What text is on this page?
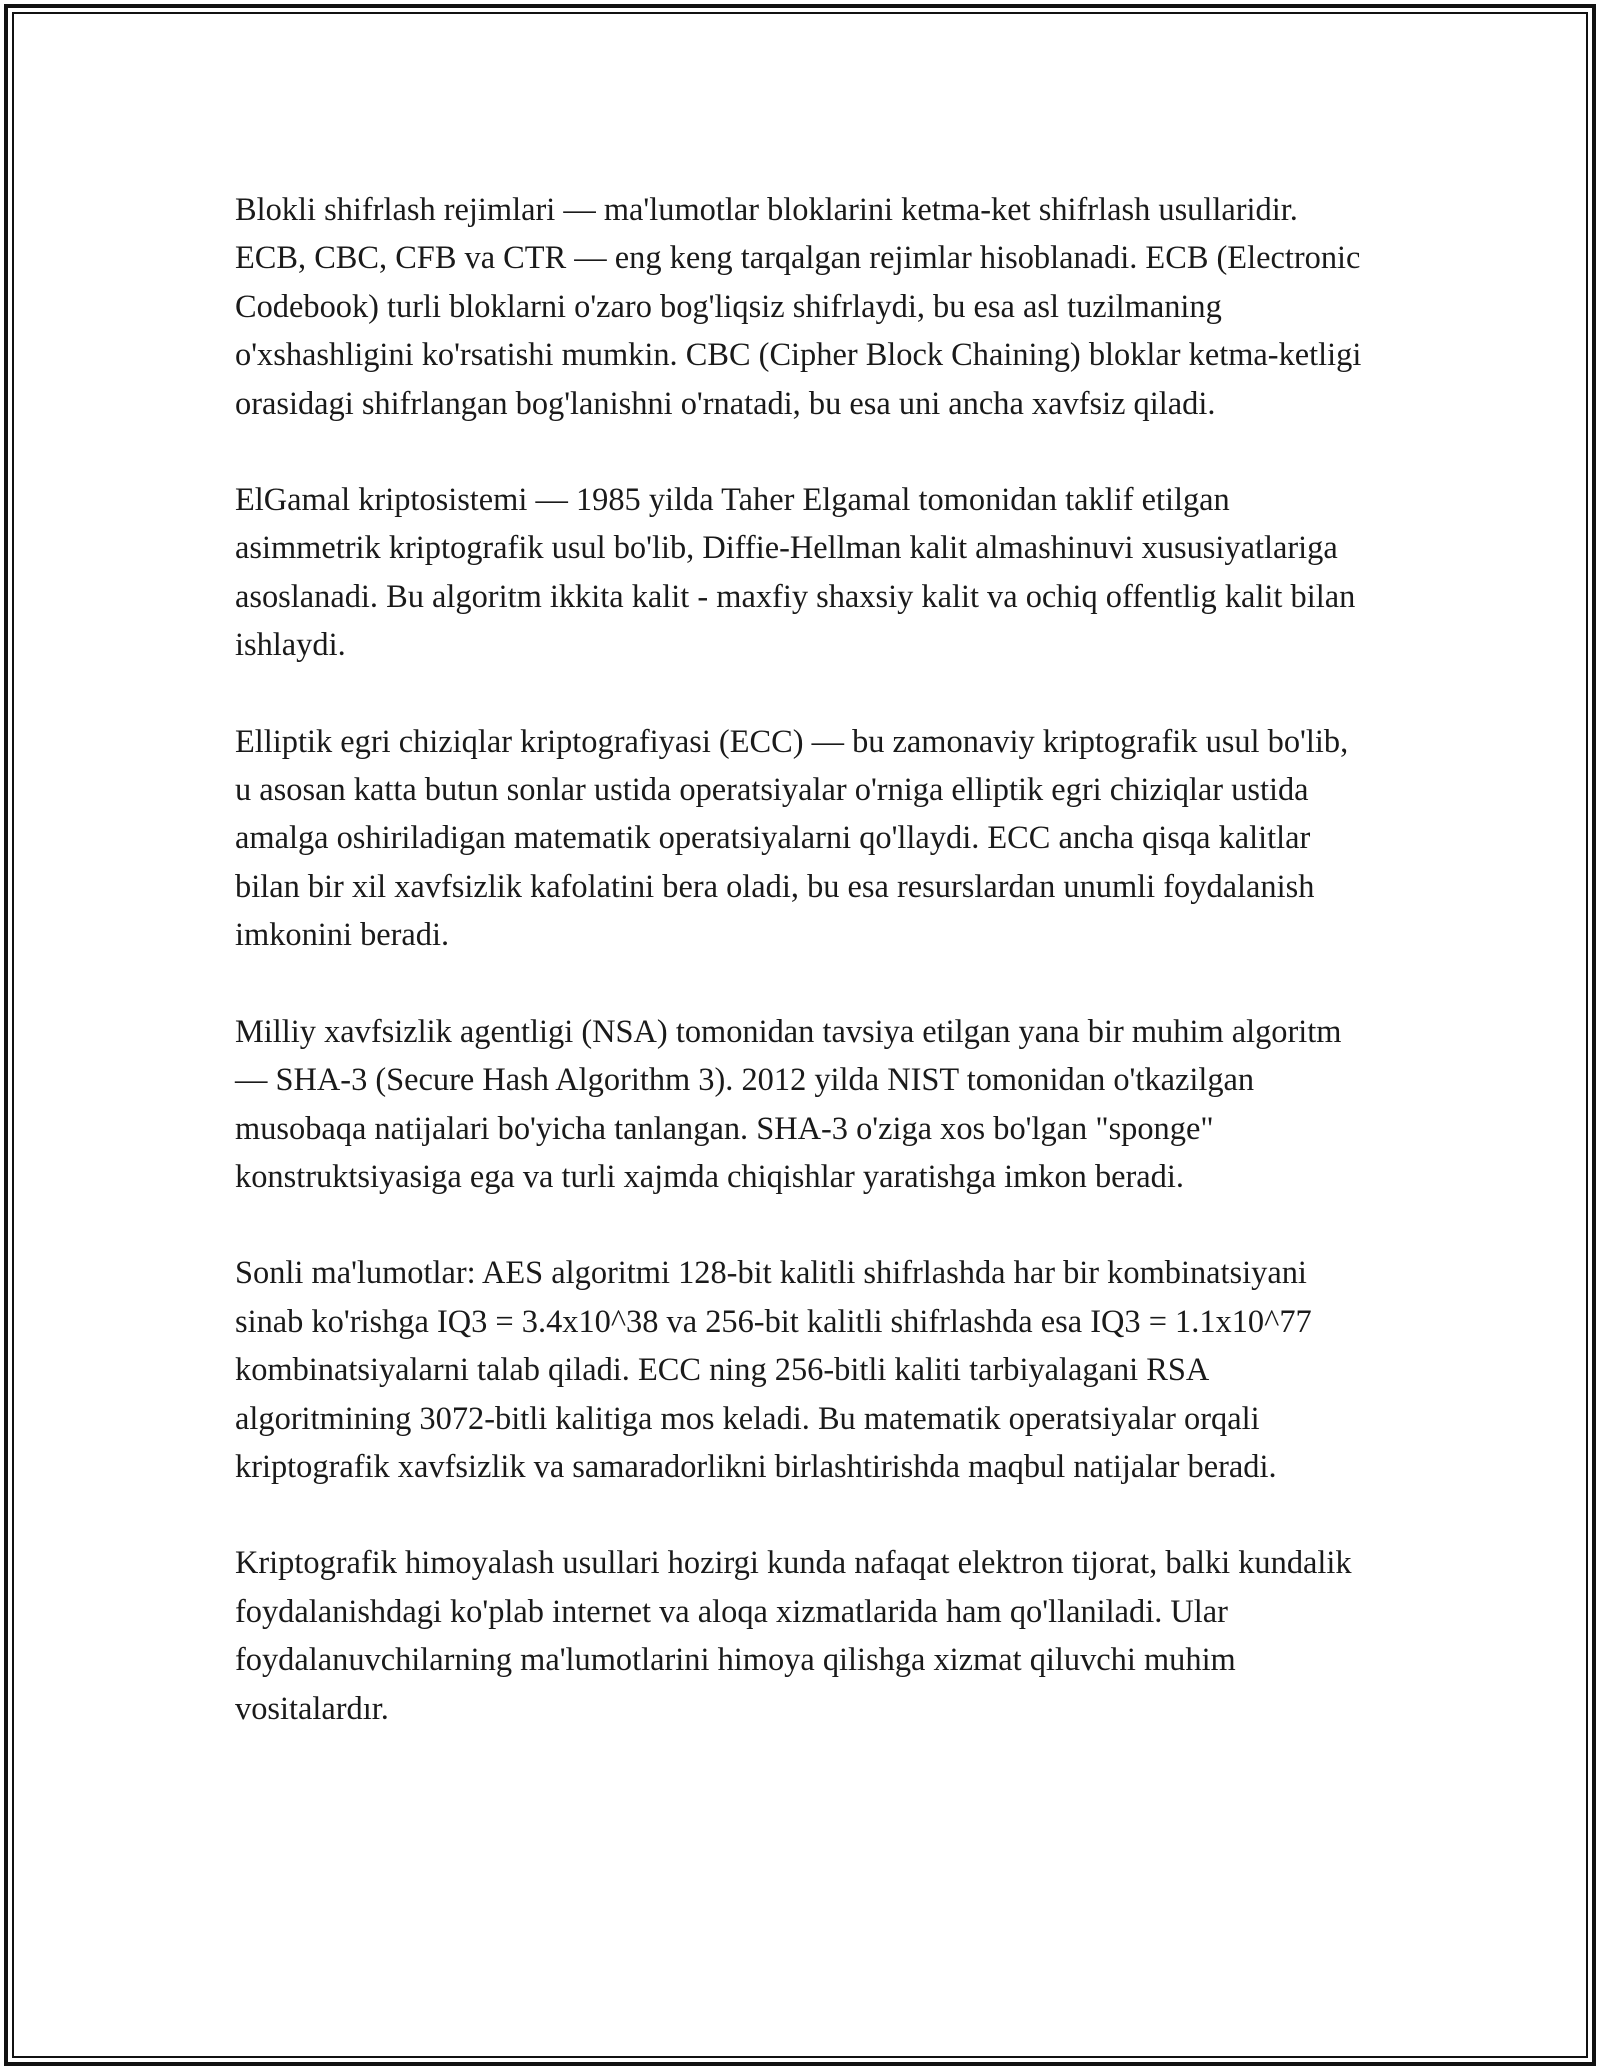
Blokli shifrlash rejimlari — ma'lumotlar bloklarini ketma-ket shifrlash usullaridir. ECB, CBC, CFB va CTR — eng keng tarqalgan rejimlar hisoblanadi. ECB (Electronic Codebook) turli bloklarni o'zaro bog'liqsiz shifrlaydi, bu esa asl tuzilmaning o'xshashligini ko'rsatishi mumkin. CBC (Cipher Block Chaining) bloklar ketma-ketligi orasidagi shifrlangan bog'lanishni o'rnatadi, bu esa uni ancha xavfsiz qiladi.

ElGamal kriptosistemi — 1985 yilda Taher Elgamal tomonidan taklif etilgan asimmetrik kriptografik usul bo'lib, Diffie-Hellman kalit almashinuvi xususiyatlariga asoslanadi. Bu algoritm ikkita kalit - maxfiy shaxsiy kalit va ochiq offentlig kalit bilan ishlaydi.

Elliptik egri chiziqlar kriptografiyasi (ECC) — bu zamonaviy kriptografik usul bo'lib, u asosan katta butun sonlar ustida operatsiyalar o'rniga elliptik egri chiziqlar ustida amalga oshiriladigan matematik operatsiyalarni qo'llaydi. ECC ancha qisqa kalitlar bilan bir xil xavfsizlik kafolatini bera oladi, bu esa resurslardan unumli foydalanish imkonini beradi.

Milliy xavfsizlik agentligi (NSA) tomonidan tavsiya etilgan yana bir muhim algoritm — SHA-3 (Secure Hash Algorithm 3). 2012 yilda NIST tomonidan o'tkazilgan musobaqa natijalari bo'yicha tanlangan. SHA-3 o'ziga xos bo'lgan "sponge" konstruktsiyasiga ega va turli xajmda chiqishlar yaratishga imkon beradi.

Sonli ma'lumotlar: AES algoritmi 128-bit kalitli shifrlashda har bir kombinatsiyani sinab ko'rishga IQ3 = 3.4x10^38 va 256-bit kalitli shifrlashda esa IQ3 = 1.1x10^77 kombinatsiyalarni talab qiladi. ECC ning 256-bitli kaliti tarbiyalagani RSA algoritmining 3072-bitli kalitiga mos keladi. Bu matematik operatsiyalar orqali kriptografik xavfsizlik va samaradorlikni birlashtirishda maqbul natijalar beradi.

Kriptografik himoyalash usullari hozirgi kunda nafaqat elektron tijorat, balki kundalik foydalanishdagi ko'plab internet va aloqa xizmatlarida ham qo'llaniladi. Ular foydalanuvchilarning ma'lumotlarini himoya qilishga xizmat qiluvchi muhim vositalardır.
